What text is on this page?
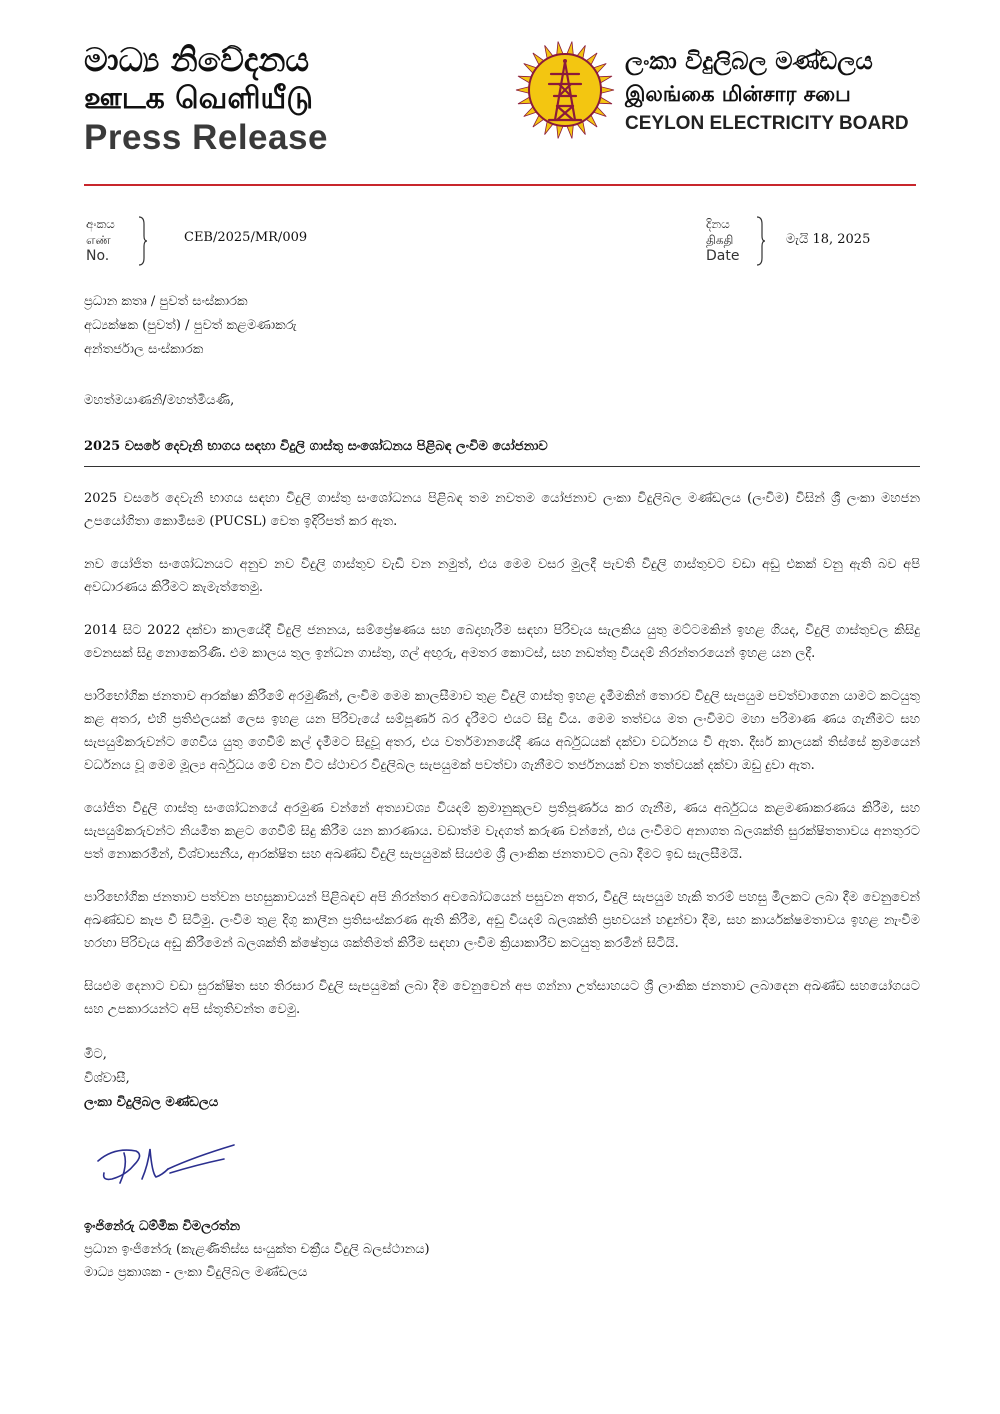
මාධ්‍ය නිවේදනය
ஊடக வெளியீடு
Press Release
ලංකා විදුලිබල මණ්ඩලය
இலங்கை மின்சார சபை
CEYLON ELECTRICITY BOARD
අංකය
எண்
No.
CEB/2025/MR/009
දිනය
திகதி
Date
මැයි 18, 2025

ප්‍රධාන කතෘ / පුවත් සංස්කාරක

අධ්‍යක්ෂක (පුවත්) / පුවත් කළමණාකරු

අන්තර්ජාල සංස්කාරක

මහත්මයාණනි/මහත්මියණි,

2025 වසරේ දෙවැනි භාගය සඳහා විදුලි ගාස්තු සංශෝධනය පිළිබඳ ලංවිම යෝජනාව

2025 වසරේ දෙවැනි භාගය සඳහා විදුලි ගාස්තු සංශෝධනය පිළිබඳ තම නවතම යෝජනාව ලංකා විදුලිබල මණ්ඩලය (ලංවිම) විසින් ශ්‍රී ලංකා මහජන උපයෝගිතා කොමිසම (PUCSL) වෙත ඉදිරිපත් කර ඇත.

නව යෝජිත සංශෝධනයට අනුව නව විදුලි ගාස්තුව වැඩි වන නමුත්, එය මෙම වසර මුලදී පැවති විදුලි ගාස්තුවට වඩා අඩු එකක් වනු ඇති බව අපි අවධාරණය කිරීමට කැමැත්තෙමු.

2014 සිට 2022 දක්වා කාලයේදී විදුලි ජනනය, සම්ප්‍රේෂණය සහ බෙදාහැරීම සඳහා පිරිවැය සැලකිය යුතු මට්ටමකින් ඉහළ ගියද, විදුලි ගාස්තුවල කිසිදු වෙනසක් සිදු නොකෙරිණි. එම කාලය තුල ඉන්ධන ගාස්තු, ගල් අඟුරු, අමතර කොටස්, සහ නඩත්තු වියදම් නිරන්තරයෙන් ඉහළ යන ලදී.

පාරිභෝගික ජනතාව ආරක්ෂා කිරීමේ අරමුණින්, ලංවිම මෙම කාලසීමාව තුළ විදුලි ගාස්තු ඉහළ දැමීමකින් තොරව විදුලි සැපයුම පවත්වාගෙන යාමට කටයුතු කළ අතර, එහි ප්‍රතිඵලයක් ලෙස ඉහළ යන පිරිවැයේ සම්පූර්ණ බර දැරීමට එයට සිදු විය. මෙම තත්වය මත ලංවිමට මහා පරිමාණ ණය ගැනීමට සහ සැපයුම්කරුවන්ට ගෙවිය යුතු ගෙවීම් කල් දැමීමට සිදුවූ අතර, එය වර්තමානයේදී ණය අර්බුධයක් දක්වා වර්ධනය වී ඇත. දීර්ඝ කාලයක් තිස්සේ ක්‍රමයෙන් වර්ධනය වූ මෙම මූල්‍ය අර්බුධය මේ වන විට ස්ථාවර විදුලිබල සැපයුමක් පවත්වා ගැනීමට තර්ජනයක් වන තත්වයක් දක්වා ඔඩු දුවා ඇත.

යෝජිත විදුලි ගාස්තු සංශෝධනයේ අරමුණ වන්නේ අත්‍යාවශ්‍ය වියදම් ක්‍රමානුකූලව ප්‍රතිපූර්ණය කර ගැනීම, ණය අර්බුධය කළමණාකරණය කිරීම, සහ සැපයුම්කරුවන්ට නියමිත කළට ගෙවීම් සිදු කිරීම යන කාරණාය. වඩාත්ම වැදගත් කරුණ වන්නේ, එය ලංවිමට අනාගත බලශක්ති සුරක්ෂිතතාවය අනතුරට පත් නොකරමින්, විශ්වාසනීය, ආරක්ෂිත සහ අඛණ්ඩ විදුලි සැපයුමක් සියළුම ශ්‍රී ලාංකික ජනතාවට ලබා දීමට ඉඩ සැලසීමයි.

පාරිභෝගික ජනතාව පත්වන පහසුකාවයන් පිළිබඳව අපි නිරන්තර අවබෝධයෙන් පසුවන අතර, විදුලි සැපයුම හැකි තරම් පහසු මිලකට ලබා දීම වෙනුවෙන් අඛණ්ඩව කැප වී සිටිමු. ලංවිම තුළ දිගු කාලීන ප්‍රතිසංස්කරණ ඇති කිරීම, අඩු වියදම් බලශක්ති ප්‍රභවයන් හඳුන්වා දීම, සහ කාර්යක්ෂමතාවය ඉහළ නැංවීම හරහා පිරිවැය අඩු කිරීමෙන් බලශක්ති ක්ෂේත්‍රය ශක්තිමත් කිරීම සඳහා ලංවිම ක්‍රියාකාරීව කටයුතු කරමින් සිටියි.

සියළුම දෙනාට වඩා සුරක්ෂිත සහ තිරසාර විදුලි සැපයුමක් ලබා දීම වෙනුවෙන් අප ගන්නා උත්සාහයට ශ්‍රී ලාංකික ජනතාව ලබාදෙන අඛණ්ඩ සහයෝගයට සහ උපකාරයන්ට අපි ස්තූතිවන්ත වෙමු.

මිට,

විශ්වාසී,

ලංකා විදුලිබල මණ්ඩලය

ඉංජිනේරු ධම්මික විමලරත්න

ප්‍රධාන ඉංජිනේරු (කැළණිතිස්ස සංයුක්ත චක්‍රීය විදුලි බලස්ථානය)

මාධ්‍ය ප්‍රකාශක - ලංකා විදුලිබල මණ්ඩලය
